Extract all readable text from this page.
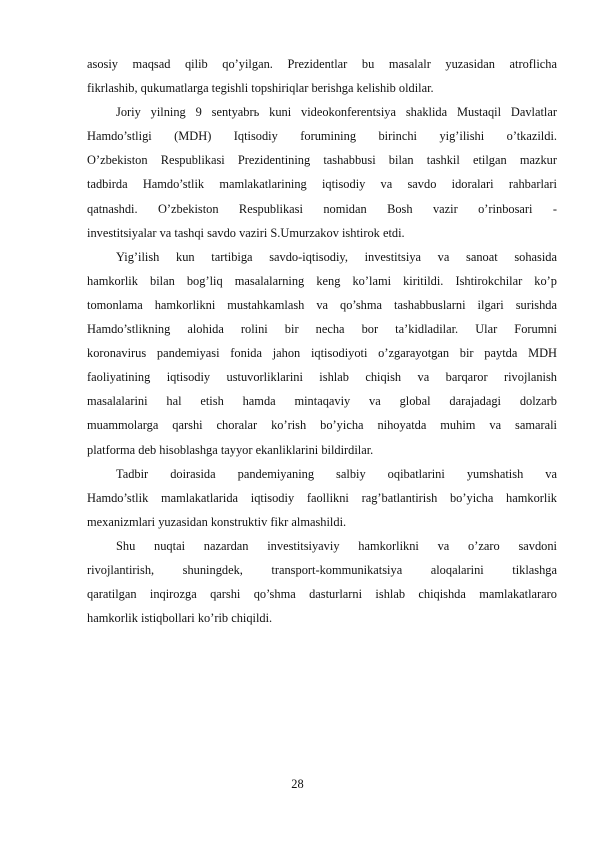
asosiy maqsad qilib qo’yilgan. Prezidentlar bu masalalr yuzasidan atroflicha
fikrlashib, qukumatlarga tegishli topshiriqlar berishga kelishib oldilar.
Joriy yilning 9 sentyabrь kuni videokonferentsiya shaklida Mustaqil Davlatlar
Hamdo’stligi (MDH) Iqtisodiy forumining birinchi yig’ilishi o’tkazildi.
O’zbekiston Respublikasi Prezidentining tashabbusi bilan tashkil etilgan mazkur
tadbirda Hamdo’stlik mamlakatlarining iqtisodiy va savdo idoralari rahbarlari
qatnashdi. O’zbekiston Respublikasi nomidan Bosh vazir o’rinbosari -
investitsiyalar va tashqi savdo vaziri S.Umurzakov ishtirok etdi.
Yig’ilish kun tartibiga savdo-iqtisodiy, investitsiya va sanoat sohasida
hamkorlik bilan bog’liq masalalarning keng ko’lami kiritildi. Ishtirokchilar ko’p
tomonlama hamkorlikni mustahkamlash va qo’shma tashabbuslarni ilgari surishda
Hamdo’stlikning alohida rolini bir necha bor ta’kidladilar. Ular Forumni
koronavirus pandemiyasi fonida jahon iqtisodiyoti o’zgarayotgan bir paytda MDH
faoliyatining iqtisodiy ustuvorliklarini ishlab chiqish va barqaror rivojlanish
masalalarini hal etish hamda mintaqaviy va global darajadagi dolzarb
muammolarga qarshi choralar ko’rish bo’yicha nihoyatda muhim va samarali
platforma deb hisoblashga tayyor ekanliklarini bildirdilar.
Tadbir doirasida pandemiyaning salbiy oqibatlarini yumshatish va
Hamdo’stlik mamlakatlarida iqtisodiy faollikni rag’batlantirish bo’yicha hamkorlik
mexanizmlari yuzasidan konstruktiv fikr almashildi.
Shu nuqtai nazardan investitsiyaviy hamkorlikni va o’zaro savdoni
rivojlantirish, shuningdek, transport-kommunikatsiya aloqalarini tiklashga
qaratilgan inqirozga qarshi qo’shma dasturlarni ishlab chiqishda mamlakatlararo
hamkorlik istiqbollari ko’rib chiqildi.
28
